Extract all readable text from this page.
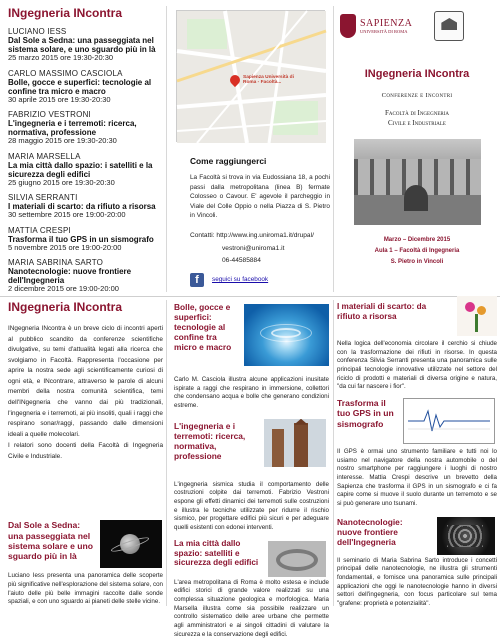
INgegneria INcontra
LUCIANO IESS
Dal Sole a Sedna: una passeggiata nel sistema solare, e uno sguardo più in là
25 marzo 2015 ore 19:30-20:30
CARLO MASSIMO CASCIOLA
Bolle, gocce e superfici: tecnologie al confine tra micro e macro
30 aprile 2015 ore 19:30-20:30
FABRIZIO VESTRONI
L'ingegneria e i terremoti: ricerca, normativa, professione
28 maggio 2015 ore 19:30-20:30
MARIA MARSELLA
La mia città dallo spazio: i satelliti e la sicurezza degli edifici
25 giugno 2015 ore 19:30-20:30
SILVIA SERRANTI
I materiali di scarto: da rifiuto a risorsa
30 settembre 2015 ore 19:00-20:00
MATTIA CRESPI
Trasforma il tuo GPS in un sismografo
5 novembre 2015 ore 19:00-20:00
MARIA SABRINA SARTO
Nanotecnologie: nuove frontiere dell'Ingegneria
2 dicembre 2015 ore 19:00-20:00
Sapienza Università di Roma - Facoltà...
Come raggiungerci
La Facoltà si trova in via Eudossiana 18, a pochi passi dalla metropolitana (linea B) fermate Colosseo o Cavour. E' agevole il parcheggio in Viale del Colle Oppio o nella Piazza di S. Pietro in Vincoli.
Contatti: http://www.ing.uniroma1.it/drupal/
vestroni@uniroma1.it
06-44585884
f	seguici su facebook
SAPIENZA
UNIVERSITÀ DI ROMA
INgegneria INcontra
Conferenze e Incontri
Facoltà di Ingegneria
Civile e Industriale
Marzo – Dicembre 2015
Aula 1 – Facoltà di Ingegneria
S. Pietro in Vincoli
INgegneria INcontra
INgegneria INcontra è un breve ciclo di incontri aperti al pubblico scandito da conferenze scientifiche divulgative, su temi d'attualità legati alla ricerca che svolgiamo in Facoltà. Rappresenta l'occasione per aprire la nostra sede agli scientificamente curiosi di ogni età, e INcontrare, attraverso le parole di alcuni membri della nostra comunità scientifica, temi dell'INgegneria che vanno dai più tradizionali, l'ingegneria e i terremoti, ai più insoliti, quali i raggi che respirano sonar/raggi, passando dalle dimensioni ideali a quelle molecolari.
I relatori sono docenti della Facoltà di Ingegneria Civile e Industriale.
Dal Sole a Sedna: una passeggiata nel sistema solare e uno sguardo più in là
Luciano Iess presenta una panoramica delle scoperte più significative nell'esplorazione del sistema solare, con l'aiuto delle più belle immagini raccolte dalle sonde spaziali, e con uno sguardo ai pianeti delle stelle vicine.
Bolle, gocce e superfici: tecnologie al confine tra micro e macro
Carlo M. Casciola illustra alcune applicazioni inusitate ispirate a raggi che respirano in immersione, collettori che condensano acqua e bolle che generano condizioni estreme.
L'ingegneria e i terremoti: ricerca, normativa, professione
L'ingegneria sismica studia il comportamento delle costruzioni colpite dai terremoti. Fabrizio Vestroni espone gli effetti dinamici dei terremoti sulle costruzioni e illustra le tecniche utilizzate per ridurre il rischio sismico, per progettare edifici più sicuri e per adeguare quelli esistenti con edonei interventi.
La mia città dallo spazio: satelliti e sicurezza degli edifici
L'area metropolitana di Roma è molto estesa e include edifici storici di grande valore realizzati su una complessa situazione geologica e morfologica. Maria Marsella illustra come sia possibile realizzare un controllo sistematico delle aree urbane che permette agli amministratori e ai singoli cittadini di valutare la sicurezza e la conservazione degli edifici.
I materiali di scarto: da rifiuto a risorsa
Nella logica dell'economia circolare il cerchio si chiude con la trasformazione dei rifiuti in risorse. In questa conferenza Silvia Serranti presenta una panoramica sulle principali tecnologie innovative utilizzate nel settore del riciclo di prodotti e materiali di diversa origine e natura, "da cui far nascere i fior".
Trasforma il tuo GPS in un sismografo
Il GPS è ormai uno strumento familiare e tutti noi lo usiamo nel navigatore della nostra automobile o del nostro smartphone per raggiungere i luoghi di nostro interesse. Mattia Crespi descrive un brevetto della Sapienza che trasforma il GPS in un sismografo e ci fa capire come si muove il suolo durante un terremoto e se si può generare uno tsunami.
Nanotecnologie: nuove frontiere dell'Ingegneria
Il seminario di Maria Sabrina Sarto introduce i concetti principali delle nanotecnologie, ne illustra gli strumenti fondamentali, e fornisce una panoramica sulle principali applicazioni che oggi le nanotecnologie hanno in diversi settori dell'ingegneria, con focus particolare sul tema "grafene: proprietà e potenzialità".
